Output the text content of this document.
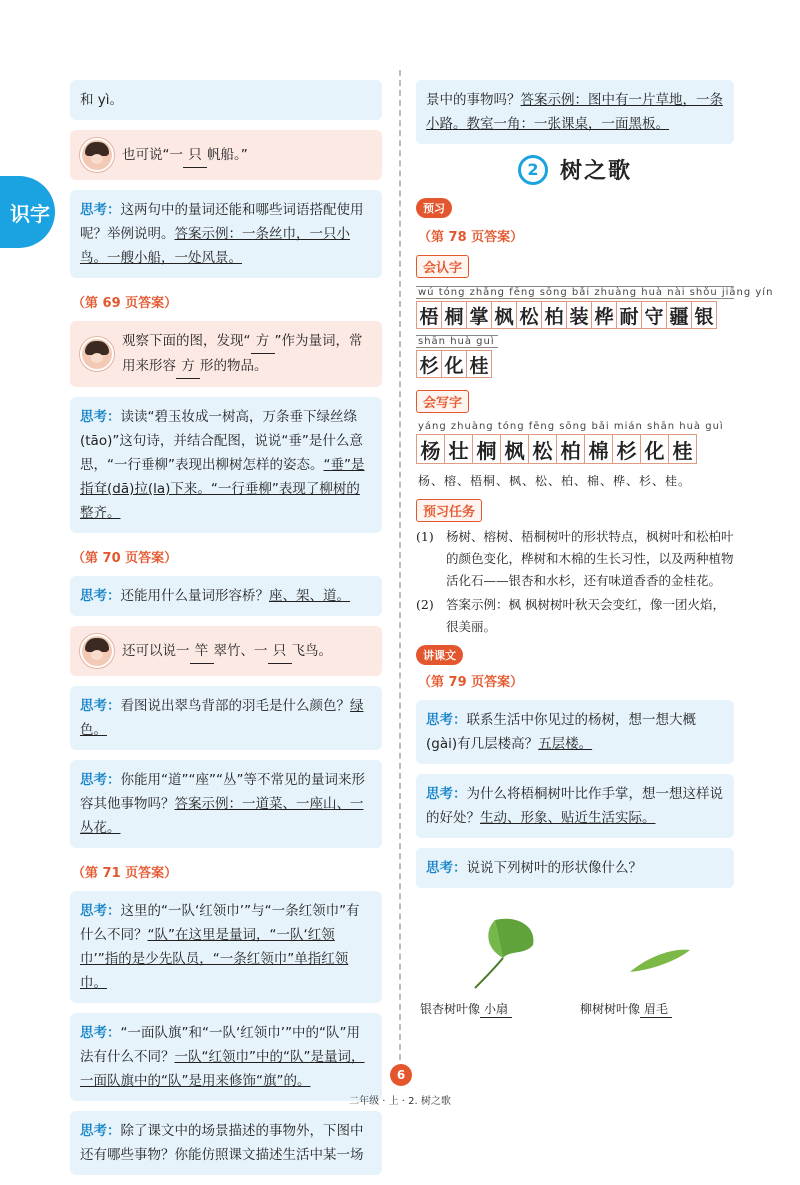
识字
和 yì。
也可说“一 只 帆船。”
思考：这两句中的量词还能和哪些词语搭配使用呢？举例说明。答案示例：一条丝巾，一只小鸟。一艘小船，一处风景。
（第 69 页答案）
观察下面的图，发现“ 方 ”作为量词，常用来形容 方 形的物品。
思考：读读“碧玉妆成一树高，万条垂下绿丝绦(tāo)”这句诗，并结合配图，说说“垂”是什么意思，“一行垂柳”表现出柳树怎样的姿态。“垂”是指耷(dā)拉(la)下来。“一行垂柳”表现了柳树的整齐。
（第 70 页答案）
思考：还能用什么量词形容桥？座、架、道。
还可以说一 竿 翠竹、一 只 飞鸟。
思考：看图说出翠鸟背部的羽毛是什么颜色？绿色。
思考：你能用“道”“座”“丛”等不常见的量词来形容其他事物吗？答案示例：一道菜、一座山、一丛花。
（第 71 页答案）
思考：这里的“一队‘红领巾’”与“一条红领巾”有什么不同？“队”在这里是量词，“一队‘红领巾’”指的是少先队员，“一条红领巾”单指红领巾。
思考：“一面队旗”和“一队‘红领巾’”中的“队”用法有什么不同？一队“红领巾”中的“队”是量词，一面队旗中的“队”是用来修饰“旗”的。
思考：除了课文中的场景描述的事物外，下图中还有哪些事物？你能仿照课文描述生活中某一场
景中的事物吗？答案示例：图中有一片草地，一条小路。教室一角：一张课桌，一面黑板。
2 树之歌
预习
（第 78 页答案）
会认字
wú tóng zhǎng fēng sōng bǎi zhuàng huà nài shǒu jiāng yín
梧 桐 掌 枫 松 柏 装 桦 耐 守 疆 银
shān huà guì
杉 化 桂
会写字
yáng zhuàng tóng fēng sōng bǎi mián shān huà guì
杨 壮 桐 枫 松 柏 棉 杉 化 桂
杨、榕、梧桐、枫、松、柏、棉、桦、杉、桂。
预习任务
(1) 杨树、榕树、梧桐树叶的形状特点，枫树叶和松柏叶的颜色变化，桦树和木棉的生长习性，以及两种植物活化石——银杏和水杉，还有味道香香的金桂花。
(2) 答案示例：枫 枫树树叶秋天会变红，像一团火焰，很美丽。
讲课文
（第 79 页答案）
思考：联系生活中你见过的杨树，想一想大概(gài)有几层楼高？五层楼。
思考：为什么将梧桐树叶比作手掌，想一想这样说的好处？生动、形象、贴近生活实际。
思考：说说下列树叶的形状像什么？
银杏树叶像 小扇	柳树树叶像 眉毛
6
二年级 · 上 · 2. 树之歌
